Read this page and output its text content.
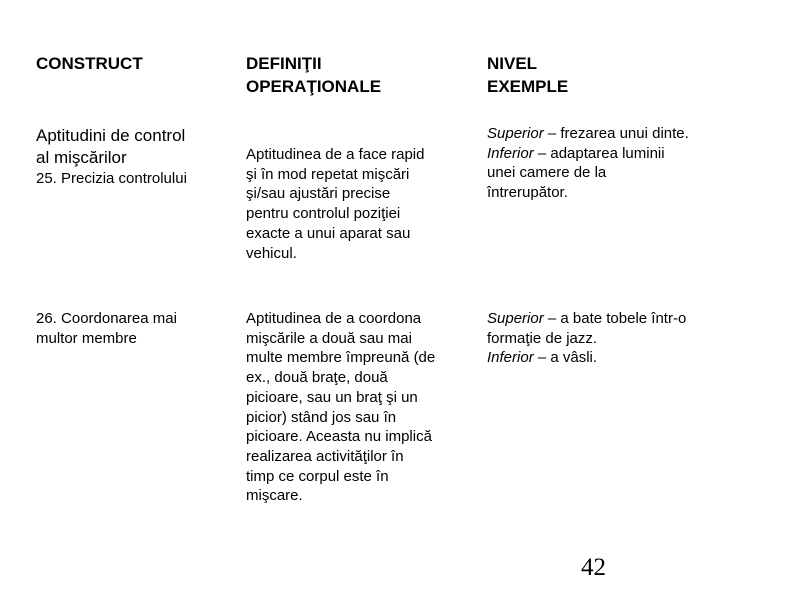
CONSTRUCT	DEFINIŢII
OPERAŢIONALE
NIVEL
EXEMPLE
Aptitudini de control
al mişcărilor
25. Precizia controlului
Aptitudinea de a face rapid
şi în mod repetat mişcări
şi/sau ajustări precise
pentru controlul poziţiei
exacte a unui aparat sau
vehicul.
Superior – frezarea unui dinte.
Inferior – adaptarea luminii
unei camere de la
întrerupător.
26. Coordonarea mai
multor membre
Aptitudinea de a coordona
mişcările a două sau mai
multe membre împreună (de
ex., două braţe, două
picioare, sau un braţ şi un
picior) stând jos sau în
picioare. Aceasta nu implică
realizarea activităţilor în
timp ce corpul este în
mişcare.
Superior – a bate tobele într-o
formaţie de jazz.
Inferior – a vâsli.
42
